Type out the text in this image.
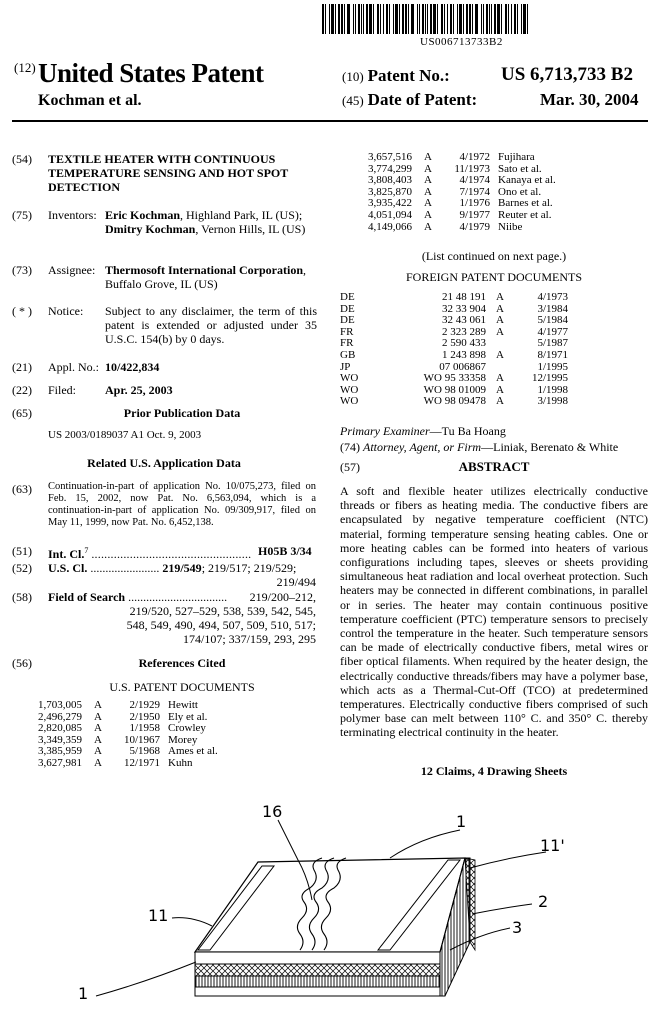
US006713733B2
(12) United States Patent
Kochman et al.
(10) Patent No.:	US 6,713,733 B2
(45) Date of Patent:	Mar. 30, 2004
(54) TEXTILE HEATER WITH CONTINUOUS TEMPERATURE SENSING AND HOT SPOT DETECTION
(75) Inventors: Eric Kochman, Highland Park, IL (US); Dmitry Kochman, Vernon Hills, IL (US)
(73) Assignee: Thermosoft International Corporation, Buffalo Grove, IL (US)
( * ) Notice: Subject to any disclaimer, the term of this patent is extended or adjusted under 35 U.S.C. 154(b) by 0 days.
(21) Appl. No.: 10/422,834
(22) Filed: Apr. 25, 2003
(65)	Prior Publication Data
US 2003/0189037 A1 Oct. 9, 2003
Related U.S. Application Data
(63) Continuation-in-part of application No. 10/075,273, filed on Feb. 15, 2002, now Pat. No. 6,563,094, which is a continuation-in-part of application No. 09/309,917, filed on May 11, 1999, now Pat. No. 6,452,138.
(51) Int. Cl.$^7$ .................................................. H05B 3/34
(52) U.S. Cl. ....................... 219/549; 219/517; 219/529;
219/494
(58) Field of Search .................................	219/200–212,
219/520, 527–529, 538, 539, 542, 545,
548, 549, 490, 494, 507, 509, 510, 517;
174/107; 337/159, 293, 295
(56)	References Cited
U.S. PATENT DOCUMENTS
1,703,005	A	2/1929	Hewitt
2,496,279	A	2/1950	Ely et al.
2,820,085	A	1/1958	Crowley
3,349,359	A	10/1967	Morey
3,385,959	A	5/1968	Ames et al.
3,627,981	A	12/1971	Kuhn
3,657,516	A	4/1972	Fujihara
3,774,299	A	11/1973	Sato et al.
3,808,403	A	4/1974	Kanaya et al.
3,825,870	A	7/1974	Ono et al.
3,935,422	A	1/1976	Barnes et al.
4,051,094	A	9/1977	Reuter et al.
4,149,066	A	4/1979	Niibe
(List continued on next page.)
FOREIGN PATENT DOCUMENTS
DE	21 48 191	A	4/1973
DE	32 33 904	A	3/1984
DE	32 43 061	A	5/1984
FR	2 323 289	A	4/1977
FR	2 590 433		5/1987
GB	1 243 898	A	8/1971
JP	07 006867		1/1995
WO	WO 95 33358	A	12/1995
WO	WO 98 01009	A	1/1998
WO	WO 98 09478	A	3/1998
Primary Examiner—Tu Ba Hoang
(74) Attorney, Agent, or Firm—Liniak, Berenato & White
(57)	ABSTRACT
A soft and flexible heater utilizes electrically conductive threads or fibers as heating media. The conductive fibers are encapsulated by negative temperature coefficient (NTC) material, forming temperature sensing heating cables. One or more heating cables can be formed into heaters of various configurations including tapes, sleeves or sheets providing simultaneous heat radiation and local overheat protection. Such heaters may be connected in different combinations, in parallel or in series. The heater may contain continuous positive temperature coefficient (PTC) temperature sensors to precisely control the temperature in the heater. Such temperature sensors can be made of electrically conductive fibers, metal wires or fiber optical filaments. When required by the heater design, the electrically conductive threads/fibers may have a polymer base, which acts as a Thermal-Cut-Off (TCO) at predetermined temperatures. Electrically conductive fibers comprised of such polymer base can melt between 110° C. and 350° C. thereby terminating electrical continuity in the heater.
12 Claims, 4 Drawing Sheets
16
1
11'
11
2
3
1
